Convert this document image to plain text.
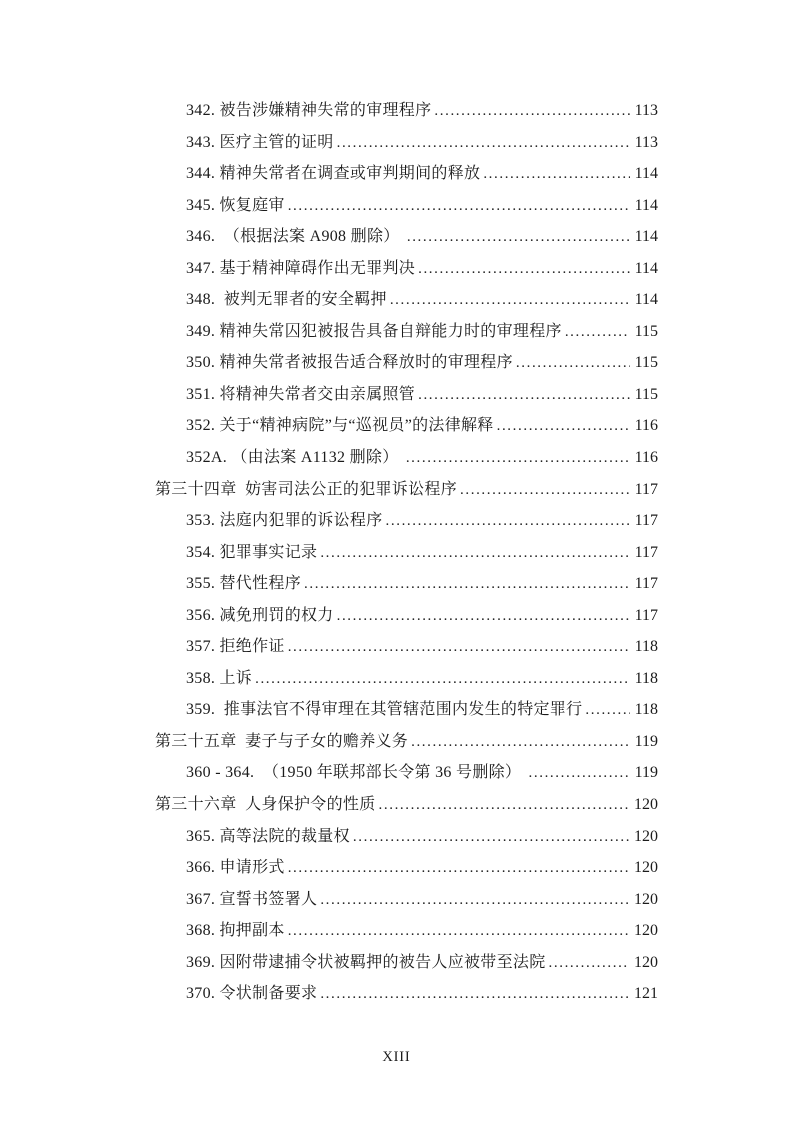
342. 被告涉嫌精神失常的审理程序 .....	113
343. 医疗主管的证明 .....	113
344. 精神失常者在调查或审判期间的释放 .....	114
345. 恢复庭审 .....	114
346.  （根据法案 A908 删除） .....	114
347. 基于精神障碍作出无罪判决 .....	114
348.  被判无罪者的安全羁押 .....	114
349. 精神失常囚犯被报告具备自辩能力时的审理程序 .....	115
350. 精神失常者被报告适合释放时的审理程序 .....	115
351. 将精神失常者交由亲属照管 .....	115
352. 关于“精神病院”与“巡视员”的法律解释 .....	116
352A. （由法案 A1132 删除） .....	116
第三十四章  妨害司法公正的犯罪诉讼程序 .....	117
353. 法庭内犯罪的诉讼程序 .....	117
354. 犯罪事实记录 .....	117
355. 替代性程序 .....	117
356. 减免刑罚的权力 .....	117
357. 拒绝作证 .....	118
358. 上诉 .....	118
359.  推事法官不得审理在其管辖范围内发生的特定罪行 .....	118
第三十五章  妻子与子女的赡养义务 .....	119
360 - 364.  （1950 年联邦部长令第 36 号删除） .....	119
第三十六章  人身保护令的性质 .....	120
365. 高等法院的裁量权 .....	120
366. 申请形式 .....	120
367. 宣誓书签署人 .....	120
368. 拘押副本 .....	120
369. 因附带逮捕令状被羁押的被告人应被带至法院 .....	120
370. 令状制备要求 .....	121
XIII
